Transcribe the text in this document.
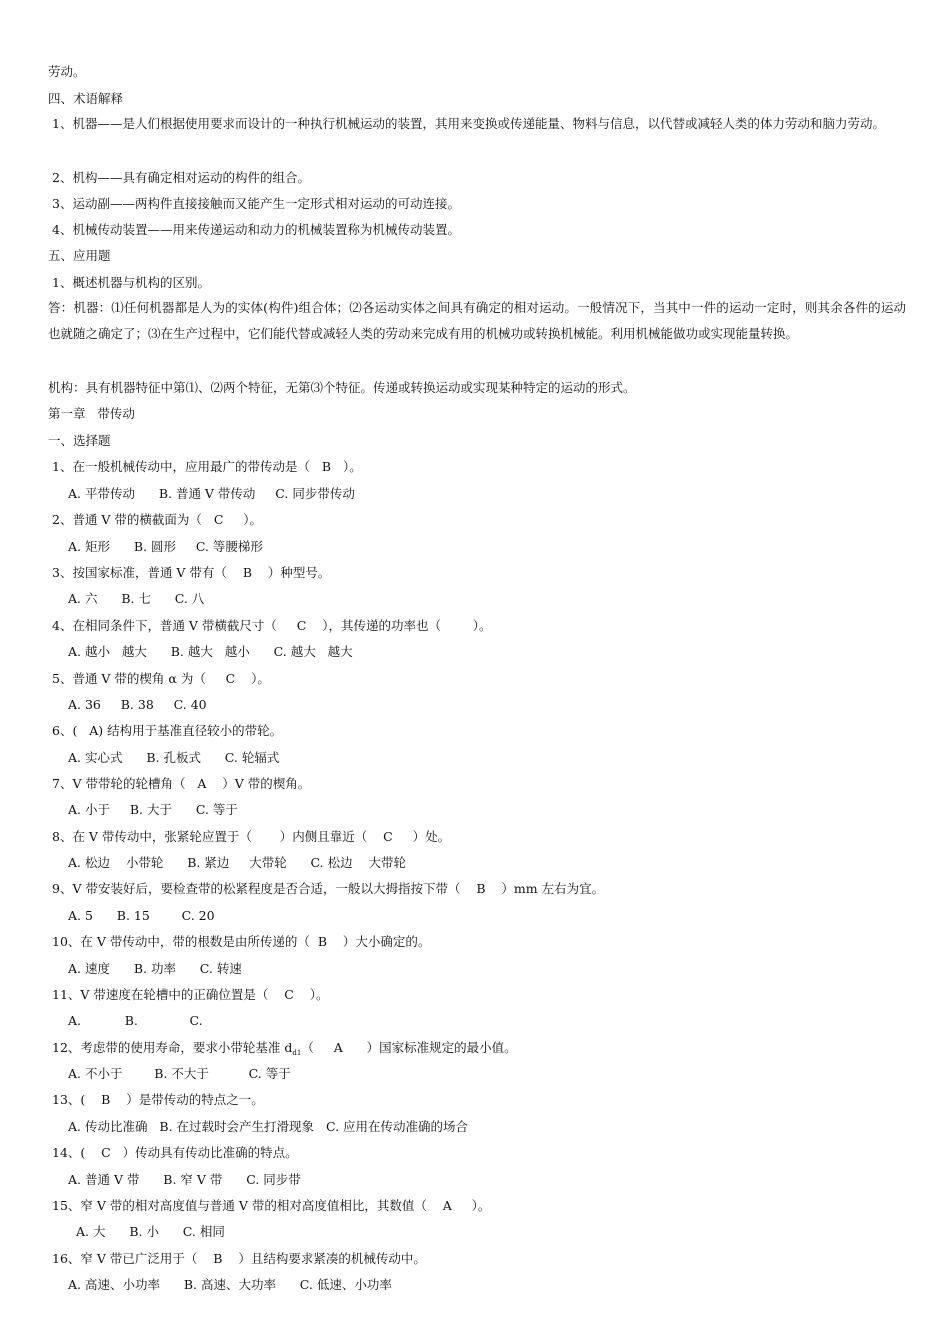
劳动。
四、术语解释
1、机器——是人们根据使用要求而设计的一种执行机械运动的装置，其用来变换或传递能量、物料与信息，以代替或减轻人类的体力劳动和脑力劳动。
2、机构——具有确定相对运动的构件的组合。
3、运动副——两构件直接接触而又能产生一定形式相对运动的可动连接。
4、机械传动装置——用来传递运动和动力的机械装置称为机械传动装置。
五、应用题
1、概述机器与机构的区别。
答：机器：⑴任何机器都是人为的实体(构件)组合体；⑵各运动实体之间具有确定的相对运动。一般情况下，当其中一件的运动一定时，则其余各件的运动也就随之确定了；⑶在生产过程中，它们能代替或减轻人类的劳动来完成有用的机械功或转换机械能。利用机械能做功或实现能量转换。
机构：具有机器特征中第⑴、⑵两个特征，无第⑶个特征。传递或转换运动或实现某种特定的运动的形式。
第一章   带传动
一、选择题
1、在一般机械传动中，应用最广的带传动是（   B   ）。
A. 平带传动      B. 普通 V 带传动     C. 同步带传动
2、普通 V 带的横截面为（   C     ）。
A. 矩形      B. 圆形     C. 等腰梯形
3、按国家标准，普通 V 带有（    B    ）种型号。
A. 六      B. 七      C. 八
4、在相同条件下，普通 V 带横截尺寸（     C    ），其传递的功率也（        ）。
A. 越小   越大      B. 越大   越小      C. 越大   越大
5、普通 V 带的楔角 α 为（     C    ）。
A. 36     B. 38     C. 40
6、(   A) 结构用于基准直径较小的带轮。
A. 实心式      B. 孔板式      C. 轮辐式
7、V 带带轮的轮槽角（   A    ）V 带的楔角。
A. 小于     B. 大于      C. 等于
8、在 V 带传动中，张紧轮应置于（       ）内侧且靠近（    C     ）处。
A. 松边    小带轮      B. 紧边     大带轮      C. 松边    大带轮
9、V 带安装好后，要检查带的松紧程度是否合适，一般以大拇指按下带（    B    ）mm 左右为宜。
A. 5      B. 15        C. 20
10、在 V 带传动中，带的根数是由所传递的（  B    ）大小确定的。
A. 速度      B. 功率      C. 转速
11、V 带速度在轮槽中的正确位置是（    C    ）。
A.           B.             C.
12、考虑带的使用寿命，要求小带轮基准 $d_{d1}$（     A      ）国家标准规定的最小值。
A. 不小于        B. 不大于          C. 等于
13、(    B    ）是带传动的特点之一。
A. 传动比准确   B. 在过载时会产生打滑现象   C. 应用在传动准确的场合
14、(    C   ）传动具有传动比准确的特点。
A. 普通 V 带      B. 窄 V 带      C. 同步带
15、窄 V 带的相对高度值与普通 V 带的相对高度值相比，其数值（    A     ）。
A. 大      B. 小      C. 相同
16、窄 V 带已广泛用于（    B    ）且结构要求紧凑的机械传动中。
A. 高速、小功率      B. 高速、大功率      C. 低速、小功率
